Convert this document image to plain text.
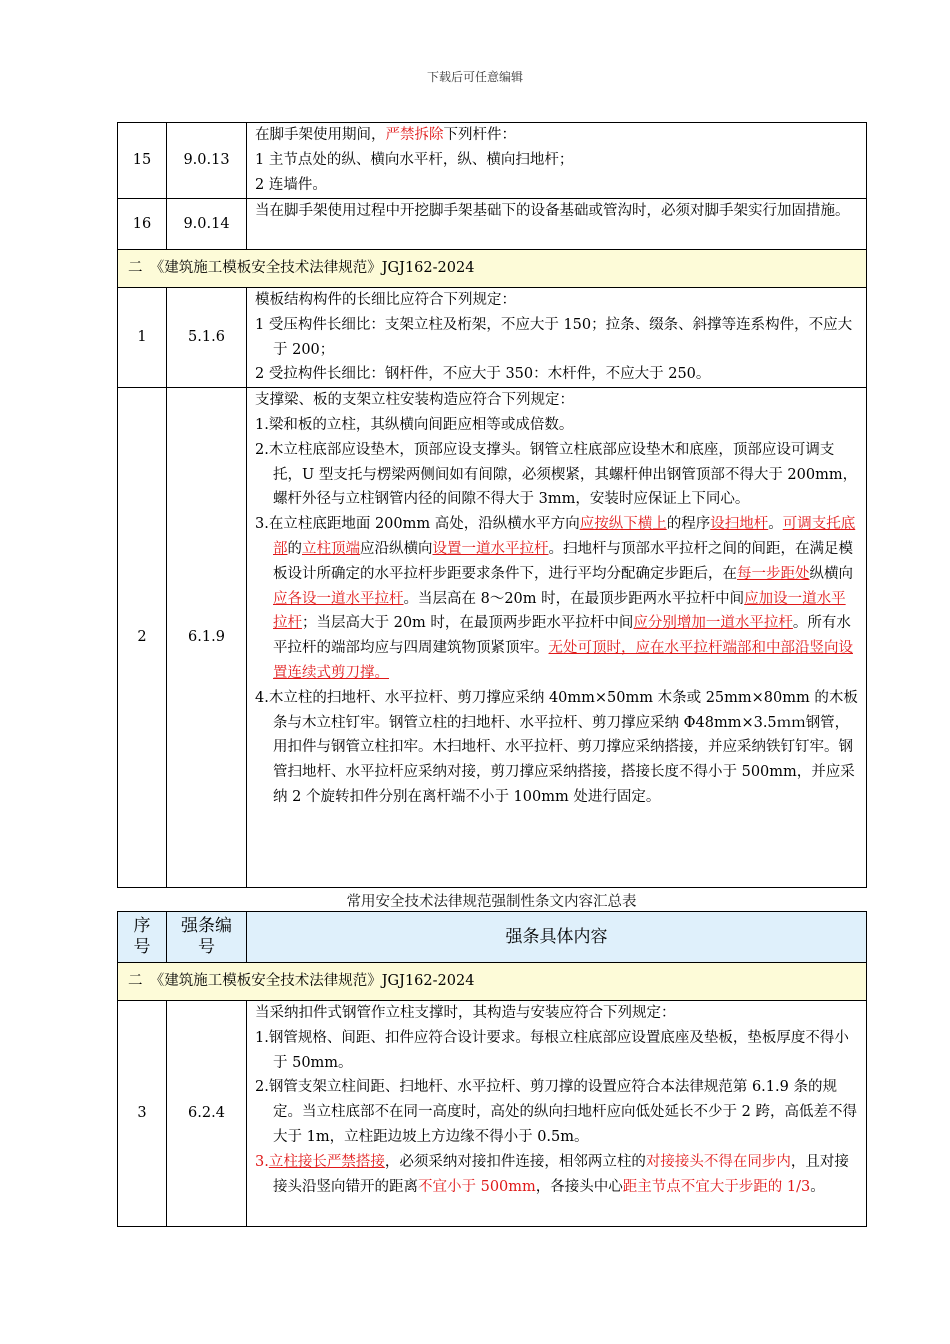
下载后可任意编辑
15	9.0.13	在脚手架使用期间，严禁拆除下列杆件：
1 主节点处的纵、横向水平杆，纵、横向扫地杆；
2 连墙件。

16	9.0.14	当在脚手架使用过程中开挖脚手架基础下的设备基础或管沟时，必须对脚手架实行加固措施。

二　《建筑施工模板安全技术法律规范》JGJ162-2024		
1	5.1.6	模板结构构件的长细比应符合下列规定：
1 受压构件长细比：支架立柱及桁架，不应大于 150；拉条、缀条、斜撑等连系构件，不应大于 200；
2 受拉构件长细比：钢杆件，不应大于 350：木杆件，不应大于 250。

2	6.1.9	支撑梁、板的支架立柱安装构造应符合下列规定：
1.梁和板的立柱，其纵横向间距应相等或成倍数。
2.木立柱底部应设垫木，顶部应设支撑头。钢管立柱底部应设垫木和底座，顶部应设可调支托，U 型支托与楞梁两侧间如有间隙，必须楔紧，其螺杆伸出钢管顶部不得大于 200mm，螺杆外径与立柱钢管内径的间隙不得大于 3mm，安装时应保证上下同心。
3.在立柱底距地面 200mm 高处，沿纵横水平方向应按纵下横上的程序设扫地杆。可调支托底部的立柱顶端应沿纵横向设置一道水平拉杆。扫地杆与顶部水平拉杆之间的间距，在满足模板设计所确定的水平拉杆步距要求条件下，进行平均分配确定步距后，在每一步距处纵横向应各设一道水平拉杆。当层高在 8～20m 时，在最顶步距两水平拉杆中间应加设一道水平拉杆；当层高大于 20m 时，在最顶两步距水平拉杆中间应分别增加一道水平拉杆。所有水平拉杆的端部均应与四周建筑物顶紧顶牢。无处可顶时，应在水平拉杆端部和中部沿竖向设置连续式剪刀撑。
4.木立柱的扫地杆、水平拉杆、剪刀撑应采纳 40mm×50mm 木条或 25mm×80mm 的木板条与木立柱钉牢。钢管立柱的扫地杆、水平拉杆、剪刀撑应采纳 Φ48mm×3.5ｍｍ钢管，用扣件与钢管立柱扣牢。木扫地杆、水平拉杆、剪刀撑应采纳搭接，并应采纳铁钉钉牢。钢管扫地杆、水平拉杆应采纳对接，剪刀撑应采纳搭接，搭接长度不得小于 500mm，并应采纳 2 个旋转扣件分别在离杆端不小于 100mm 处进行固定。
常用安全技术法律规范强制性条文内容汇总表
序号	强条编号	强条具体内容
二　《建筑施工模板安全技术法律规范》JGJ162-2024		
3	6.2.4	当采纳扣件式钢管作立柱支撑时，其构造与安装应符合下列规定：
1.钢管规格、间距、扣件应符合设计要求。每根立柱底部应设置底座及垫板，垫板厚度不得小于 50mm。
2.钢管支架立柱间距、扫地杆、水平拉杆、剪刀撑的设置应符合本法律规范第 6.1.9 条的规定。当立柱底部不在同一高度时，高处的纵向扫地杆应向低处延长不少于 2 跨，高低差不得大于 1m，立柱距边坡上方边缘不得小于 0.5m。
3.立柱接长严禁搭接，必须采纳对接扣件连接，相邻两立柱的对接接头不得在同步内，且对接接头沿竖向错开的距离不宜小于 500mm，各接头中心距主节点不宜大于步距的 1/3。
